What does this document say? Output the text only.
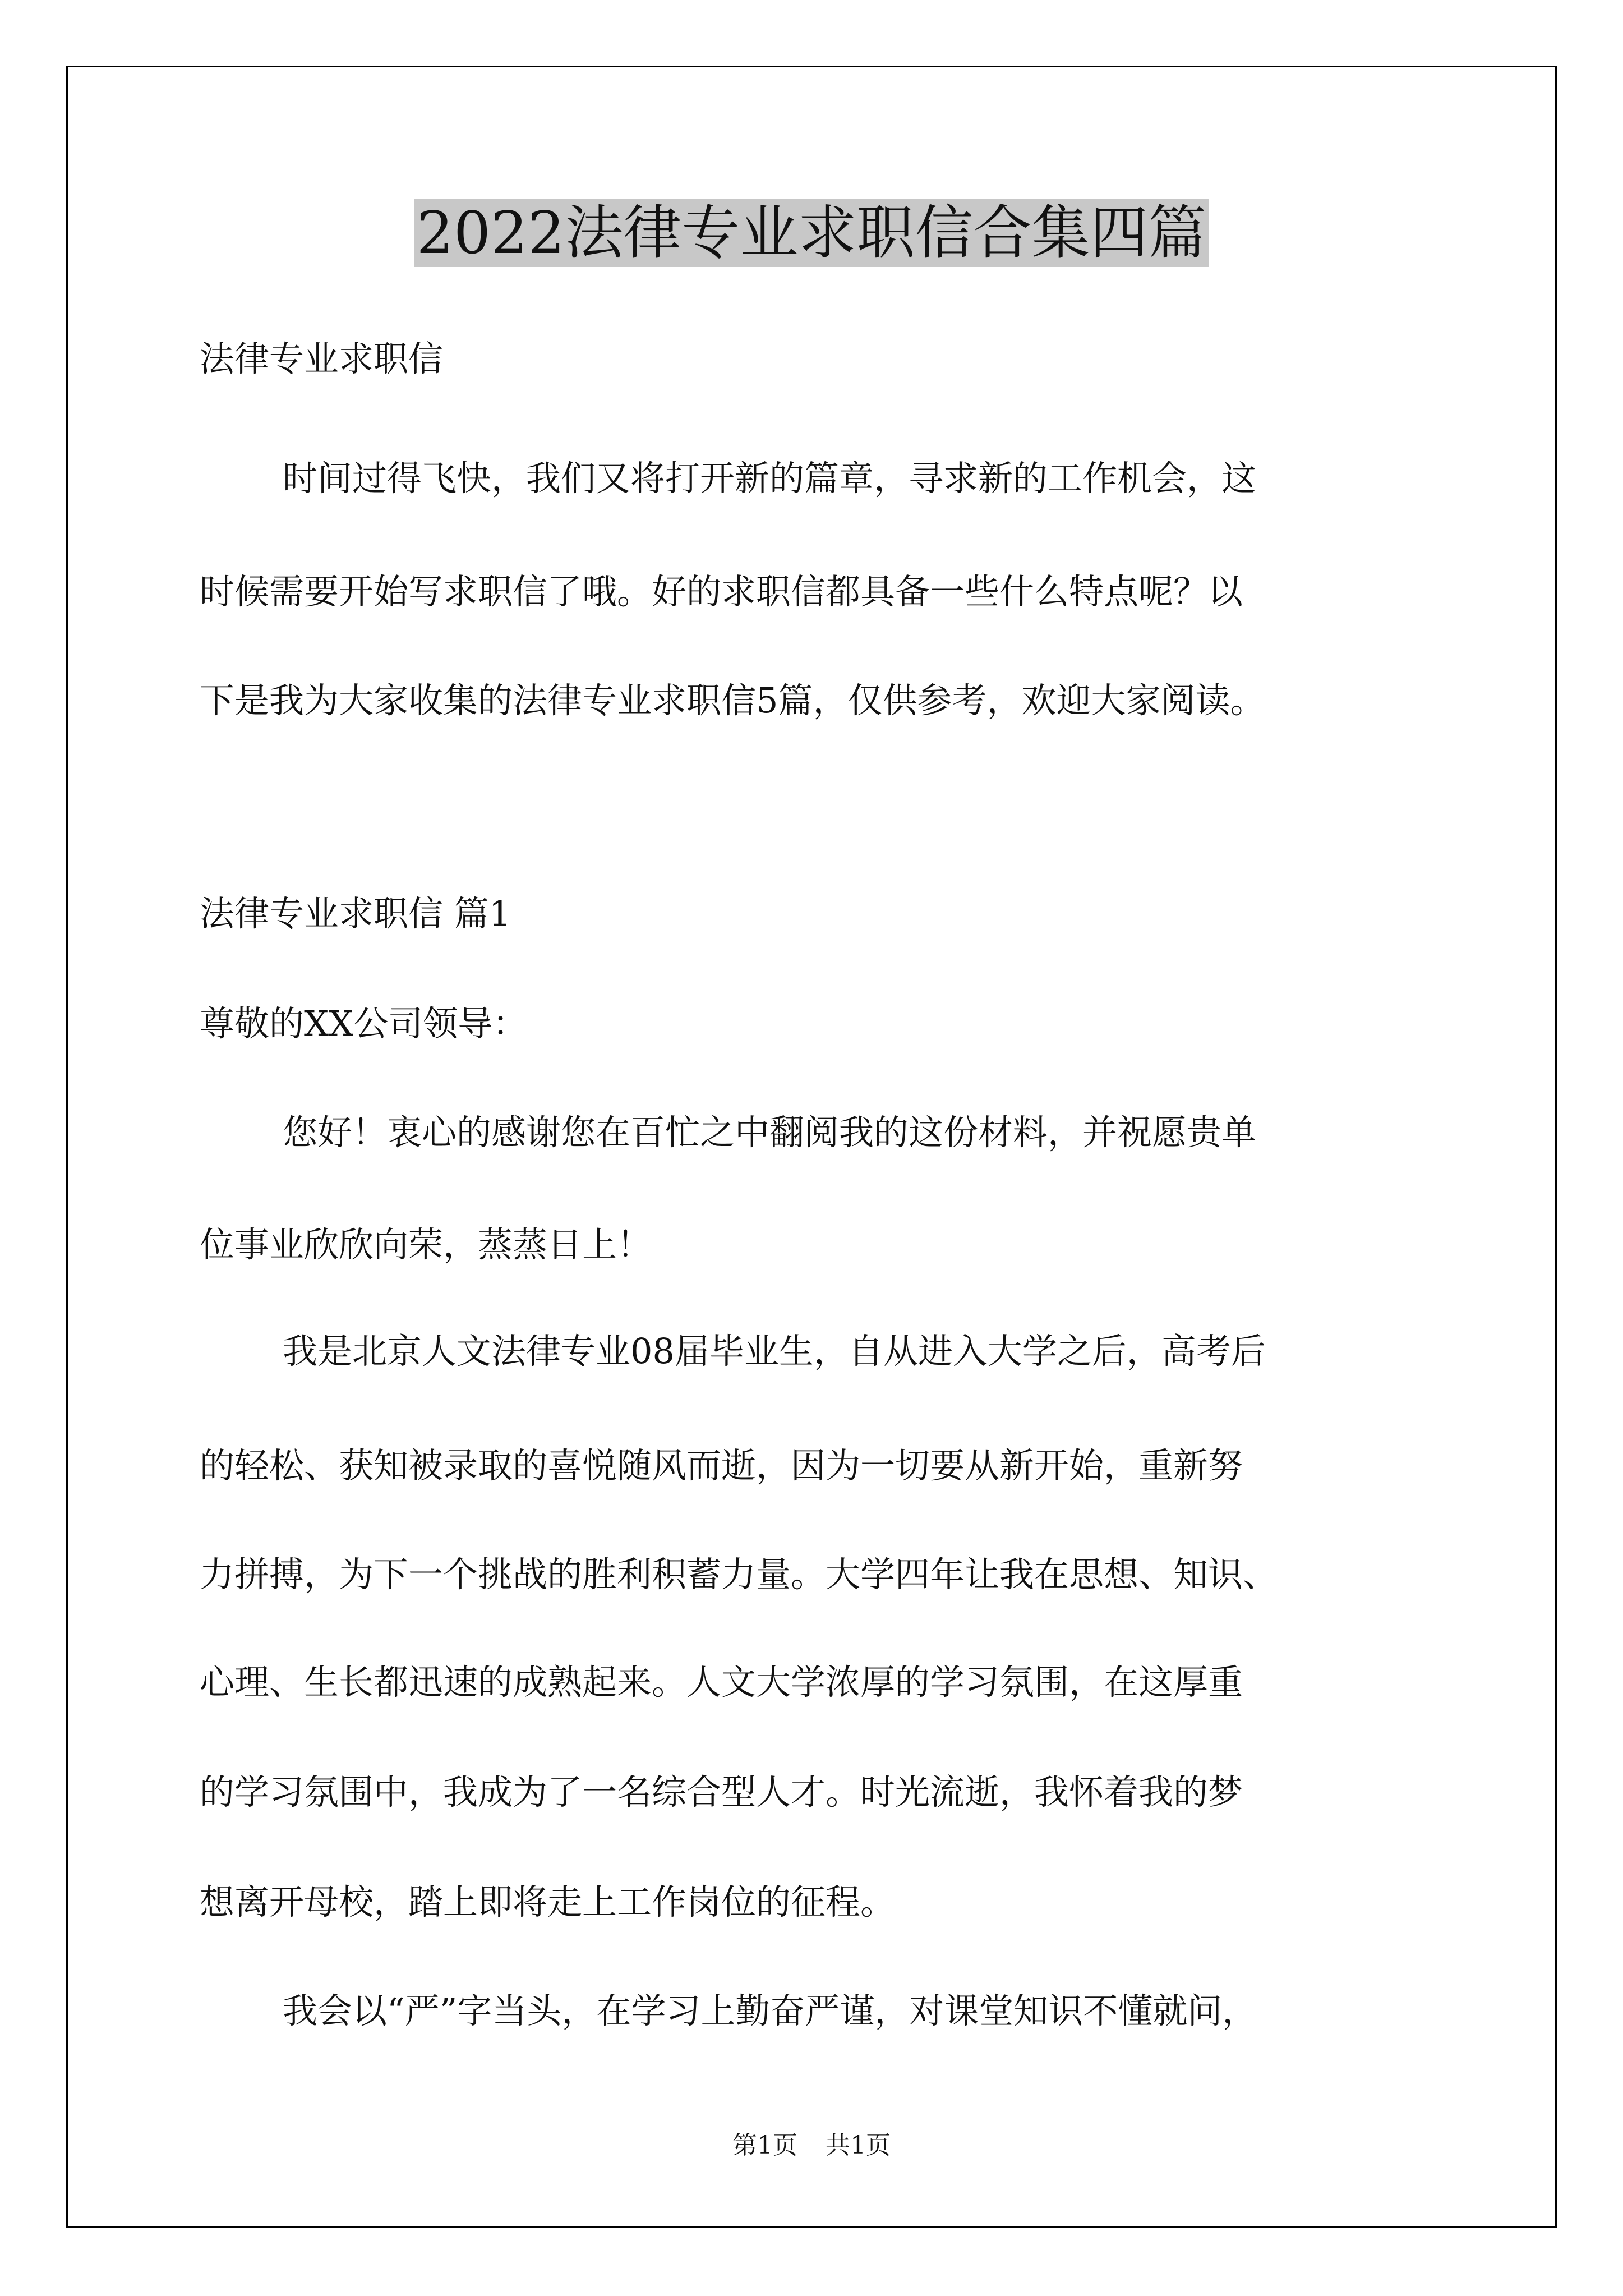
2022法律专业求职信合集四篇
法律专业求职信
时间过得飞快，我们又将打开新的篇章，寻求新的工作机会，这
时候需要开始写求职信了哦。好的求职信都具备一些什么特点呢？以
下是我为大家收集的法律专业求职信5篇，仅供参考，欢迎大家阅读。
法律专业求职信 篇1
尊敬的XX公司领导：
您好！衷心的感谢您在百忙之中翻阅我的这份材料，并祝愿贵单
位事业欣欣向荣，蒸蒸日上！
我是北京人文法律专业08届毕业生，自从进入大学之后，高考后
的轻松、获知被录取的喜悦随风而逝，因为一切要从新开始，重新努
力拼搏，为下一个挑战的胜利积蓄力量。大学四年让我在思想、知识、
心理、生长都迅速的成熟起来。人文大学浓厚的学习氛围，在这厚重
的学习氛围中，我成为了一名综合型人才。时光流逝，我怀着我的梦
想离开母校，踏上即将走上工作岗位的征程。
我会以“严”字当头，在学习上勤奋严谨，对课堂知识不懂就问，
第1页 共1页
